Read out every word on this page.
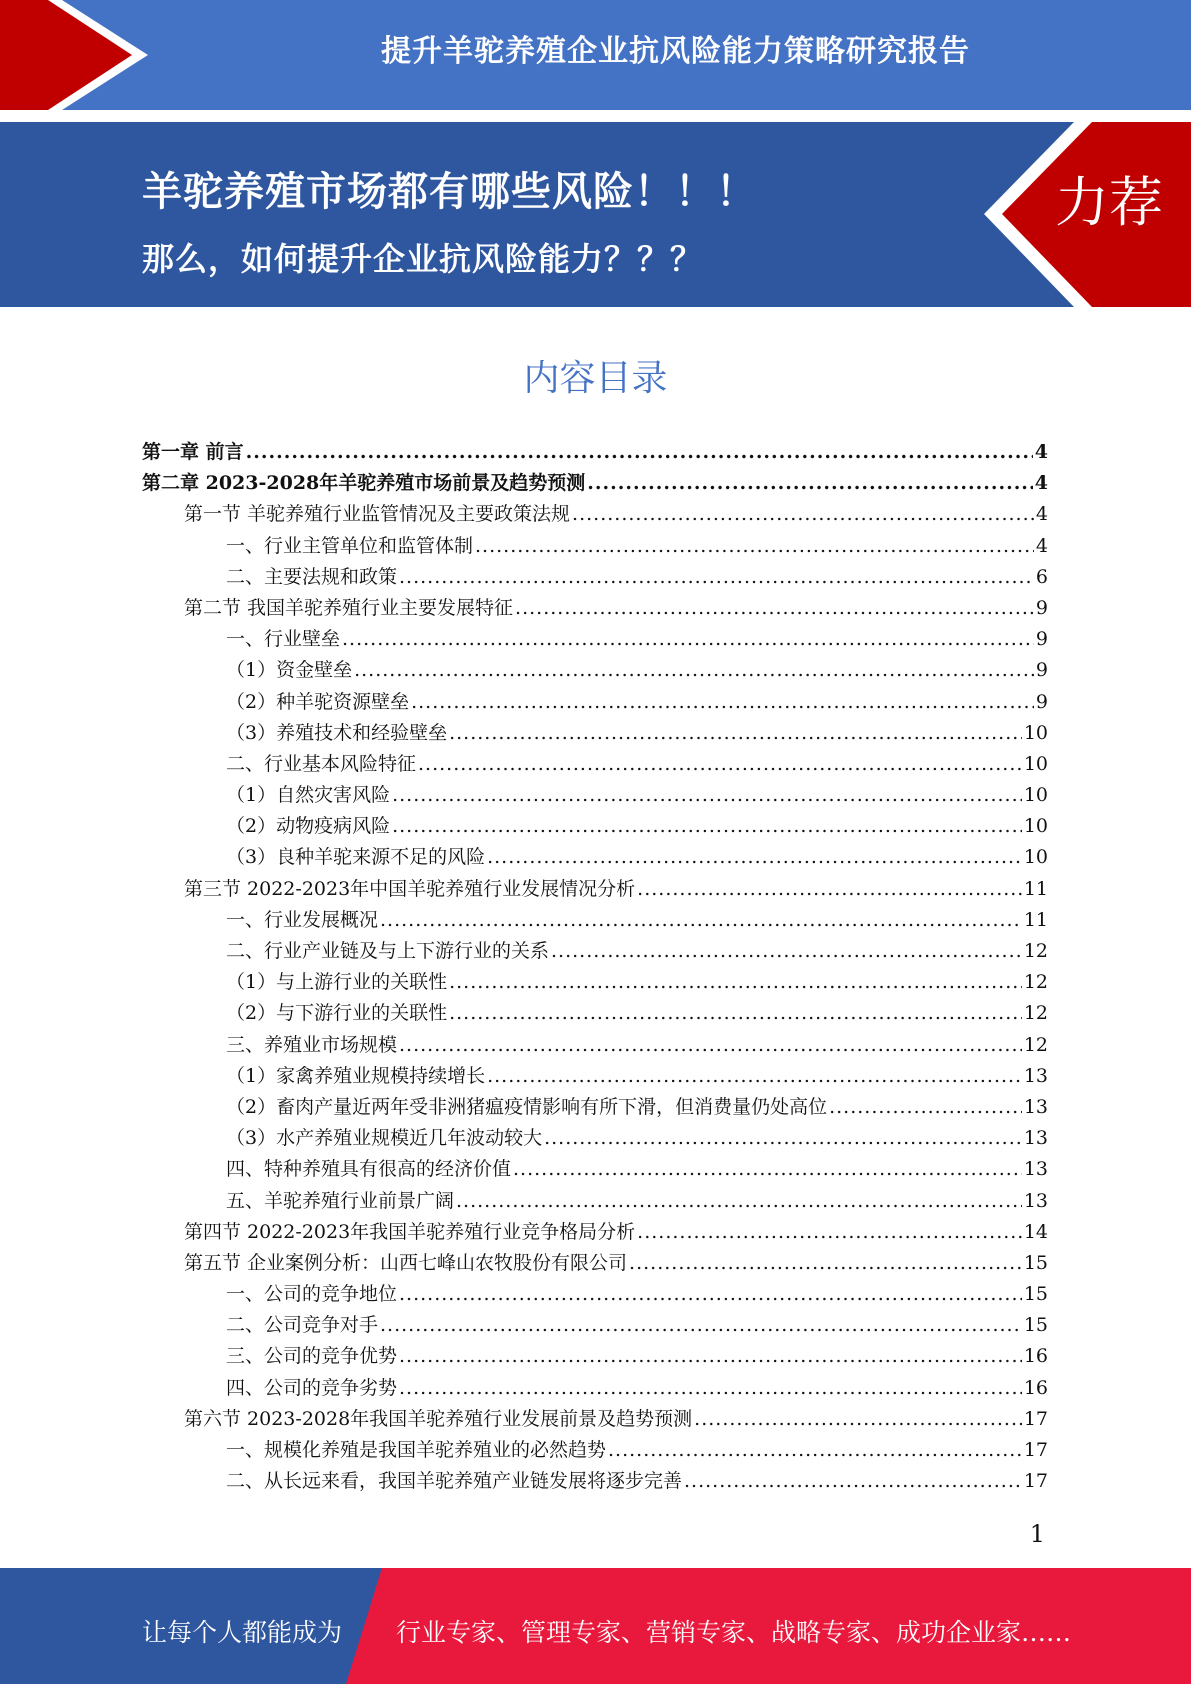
提升羊驼养殖企业抗风险能力策略研究报告
羊驼养殖市场都有哪些风险！！！
那么，如何提升企业抗风险能力？？？
力荐
内容目录
第一章 前言 .....	4
第二章 2023-2028年羊驼养殖市场前景及趋势预测 .....	4
第一节 羊驼养殖行业监管情况及主要政策法规 .....	4
一、行业主管单位和监管体制 .....	4
二、主要法规和政策 .....	6
第二节 我国羊驼养殖行业主要发展特征 .....	9
一、行业壁垒 .....	9
（1）资金壁垒 .....	9
（2）种羊驼资源壁垒 .....	9
（3）养殖技术和经验壁垒 .....	10
二、行业基本风险特征 .....	10
（1）自然灾害风险 .....	10
（2）动物疫病风险 .....	10
（3）良种羊驼来源不足的风险 .....	10
第三节 2022-2023年中国羊驼养殖行业发展情况分析 .....	11
一、行业发展概况 .....	11
二、行业产业链及与上下游行业的关系 .....	12
（1）与上游行业的关联性 .....	12
（2）与下游行业的关联性 .....	12
三、养殖业市场规模 .....	12
（1）家禽养殖业规模持续增长 .....	13
（2）畜肉产量近两年受非洲猪瘟疫情影响有所下滑，但消费量仍处高位 .....	13
（3）水产养殖业规模近几年波动较大 .....	13
四、特种养殖具有很高的经济价值 .....	13
五、羊驼养殖行业前景广阔 .....	13
第四节 2022-2023年我国羊驼养殖行业竞争格局分析 .....	14
第五节 企业案例分析：山西七峰山农牧股份有限公司 .....	15
一、公司的竞争地位 .....	15
二、公司竞争对手 .....	15
三、公司的竞争优势 .....	16
四、公司的竞争劣势 .....	16
第六节 2023-2028年我国羊驼养殖行业发展前景及趋势预测 .....	17
一、规模化养殖是我国羊驼养殖业的必然趋势 .....	17
二、从长远来看，我国羊驼养殖产业链发展将逐步完善 .....	17
1
让每个人都能成为 行业专家、管理专家、营销专家、战略专家、成功企业家……
